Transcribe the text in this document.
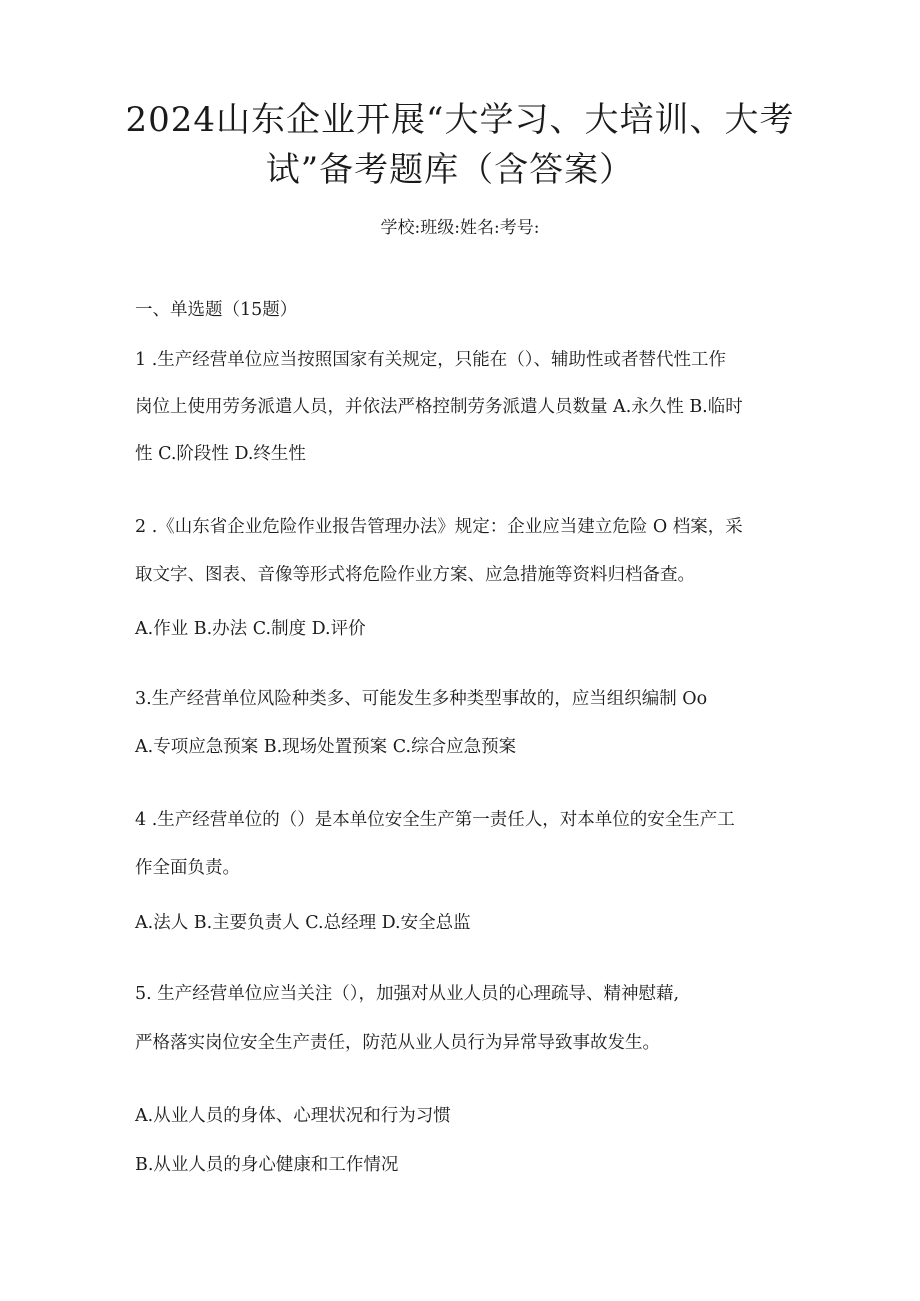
2024山东企业开展“大学习、大培训、大考
试”备考题库（含答案）
学校:班级:姓名:考号:
一、单选题（15题）
1 .生产经营单位应当按照国家有关规定，只能在（）、辅助性或者替代性工作
岗位上使用劳务派遣人员，并依法严格控制劳务派遣人员数量 A.永久性 B.临时
性 C.阶段性 D.终生性
2 .《山东省企业危险作业报告管理办法》规定：企业应当建立危险 O 档案，采
取文字、图表、音像等形式将危险作业方案、应急措施等资料归档备查。
A.作业 B.办法 C.制度 D.评价
3.生产经营单位风险种类多、可能发生多种类型事故的，应当组织编制 Oo
A.专项应急预案 B.现场处置预案 C.综合应急预案
4 .生产经营单位的（）是本单位安全生产第一责任人，对本单位的安全生产工
作全面负责。
A.法人 B.主要负责人 C.总经理 D.安全总监
5. 生产经营单位应当关注（），加强对从业人员的心理疏导、精神慰藉,
严格落实岗位安全生产责任，防范从业人员行为异常导致事故发生。
A.从业人员的身体、心理状况和行为习惯
B.从业人员的身心健康和工作情况
